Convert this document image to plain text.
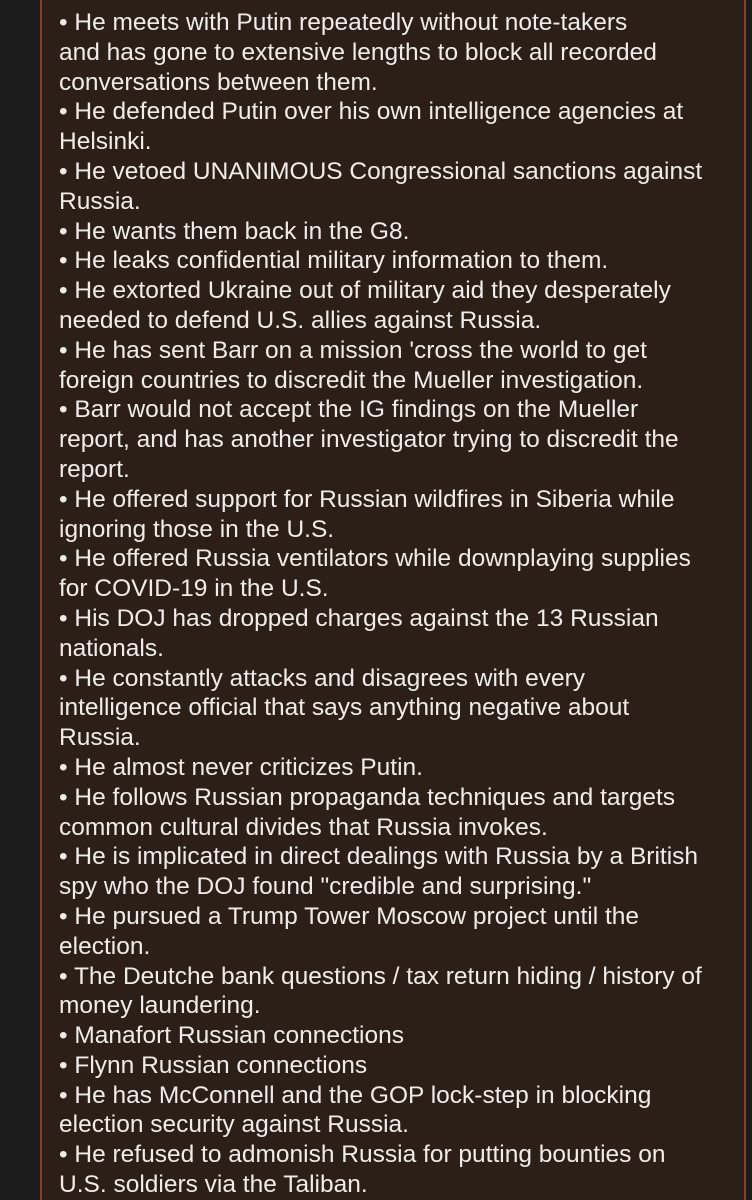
• He meets with Putin repeatedly without note-takers
and has gone to extensive lengths to block all recorded
conversations between them.
• He defended Putin over his own intelligence agencies at
Helsinki.
• He vetoed UNANIMOUS Congressional sanctions against
Russia.
• He wants them back in the G8.
• He leaks confidential military information to them.
• He extorted Ukraine out of military aid they desperately
needed to defend U.S. allies against Russia.
• He has sent Barr on a mission 'cross the world to get
foreign countries to discredit the Mueller investigation.
• Barr would not accept the IG findings on the Mueller
report, and has another investigator trying to discredit the
report.
• He offered support for Russian wildfires in Siberia while
ignoring those in the U.S.
• He offered Russia ventilators while downplaying supplies
for COVID-19 in the U.S.
• His DOJ has dropped charges against the 13 Russian
nationals.
• He constantly attacks and disagrees with every
intelligence official that says anything negative about
Russia.
• He almost never criticizes Putin.
• He follows Russian propaganda techniques and targets
common cultural divides that Russia invokes.
• He is implicated in direct dealings with Russia by a British
spy who the DOJ found "credible and surprising."
• He pursued a Trump Tower Moscow project until the
election.
• The Deutche bank questions / tax return hiding / history of
money laundering.
• Manafort Russian connections
• Flynn Russian connections
• He has McConnell and the GOP lock-step in blocking
election security against Russia.
• He refused to admonish Russia for putting bounties on
U.S. soldiers via the Taliban.
